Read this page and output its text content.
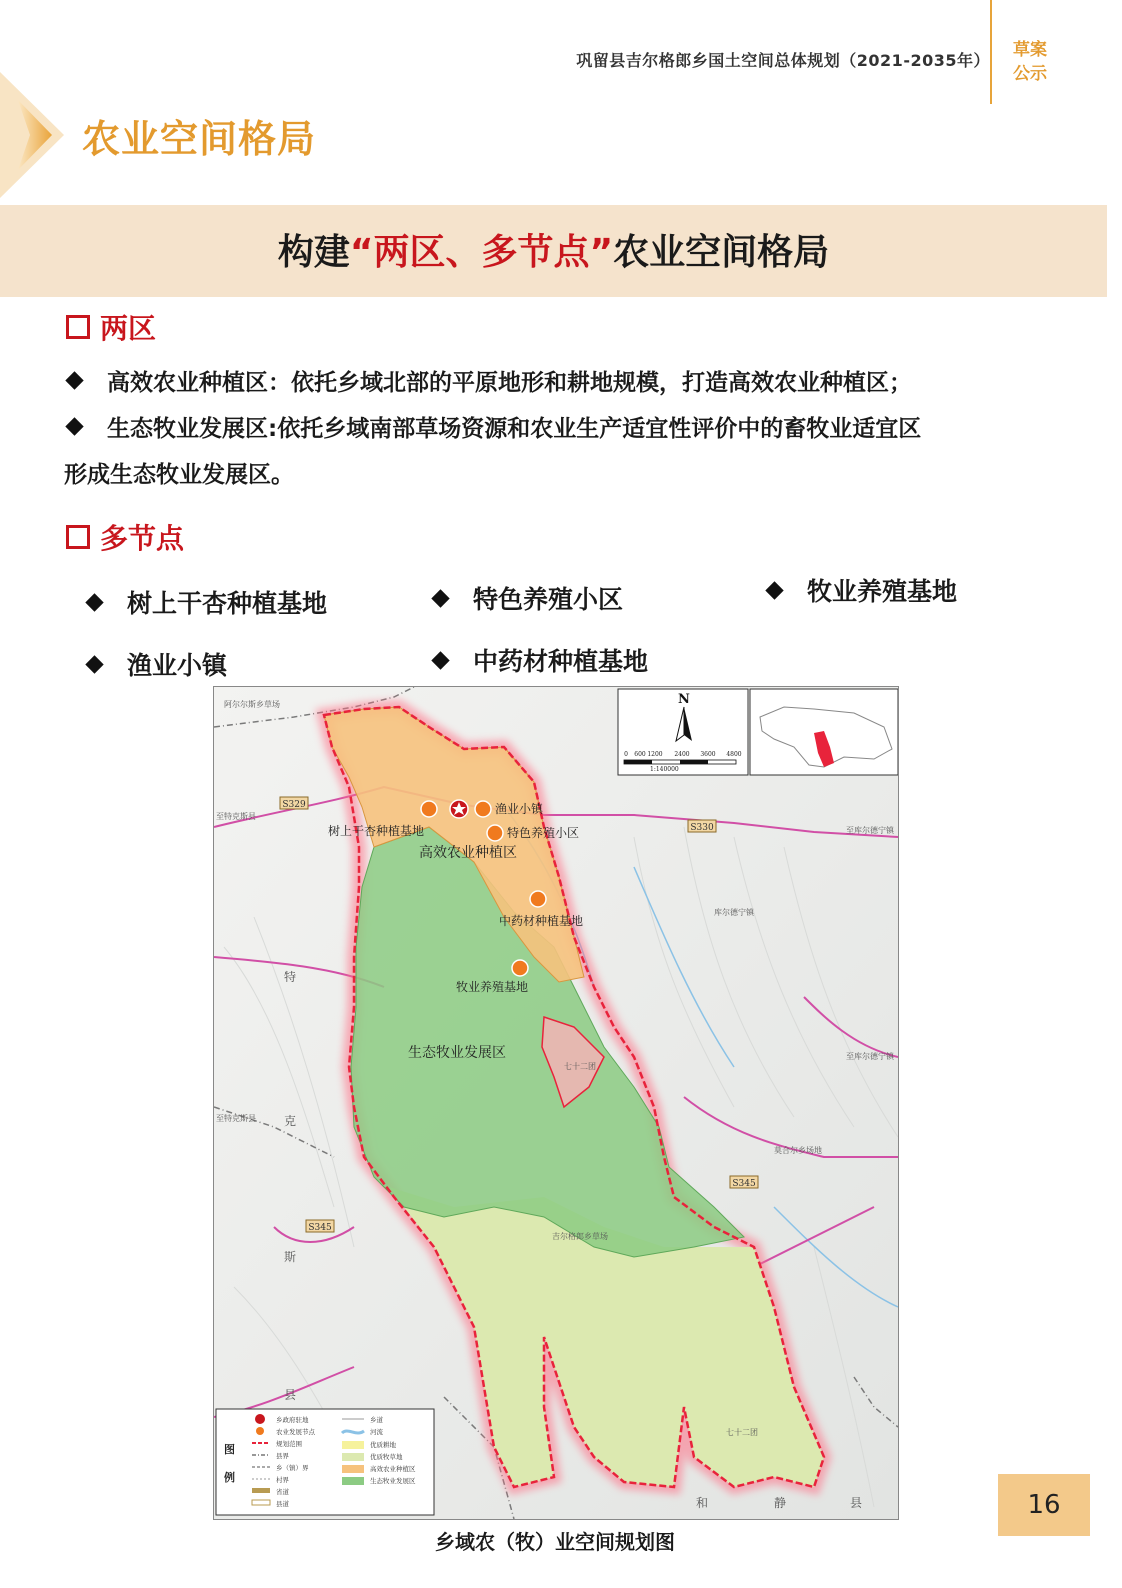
巩留县吉尔格郎乡国土空间总体规划（2021-2035年）
草案
公示
农业空间格局
构建“两区、多节点”农业空间格局
两区
高效农业种植区：依托乡域北部的平原地形和耕地规模，打造高效农业种植区；
生态牧业发展区:依托乡域南部草场资源和农业生产适宜性评价中的畜牧业适宜区
形成生态牧业发展区。
多节点
树上干杏种植基地	特色养殖小区	牧业养殖基地
渔业小镇	中药材种植基地
S329
S330
S345
S345
阿尔尔斯乡草场
至特克斯县
至特克斯县
至库尔德宁镇
至库尔德宁镇
库尔德宁镇
莫合尔乡场地
吉尔格郎乡草场
七十二团
七十二团
特
克
斯
县
和	静	县
渔业小镇
树上干杏种植基地	特色养殖小区
高效农业种植区
中药材种植基地
牧业养殖基地
生态牧业发展区
N
0 600 1200 2400 3600 4800
1:140000
图
例
乡政府驻地
农业发展节点
规划范围
县界
乡（镇）界
村界
省道
县道
乡道
河流
优质耕地
优质牧草地
高效农业种植区
生态牧业发展区
乡域农（牧）业空间规划图
16
